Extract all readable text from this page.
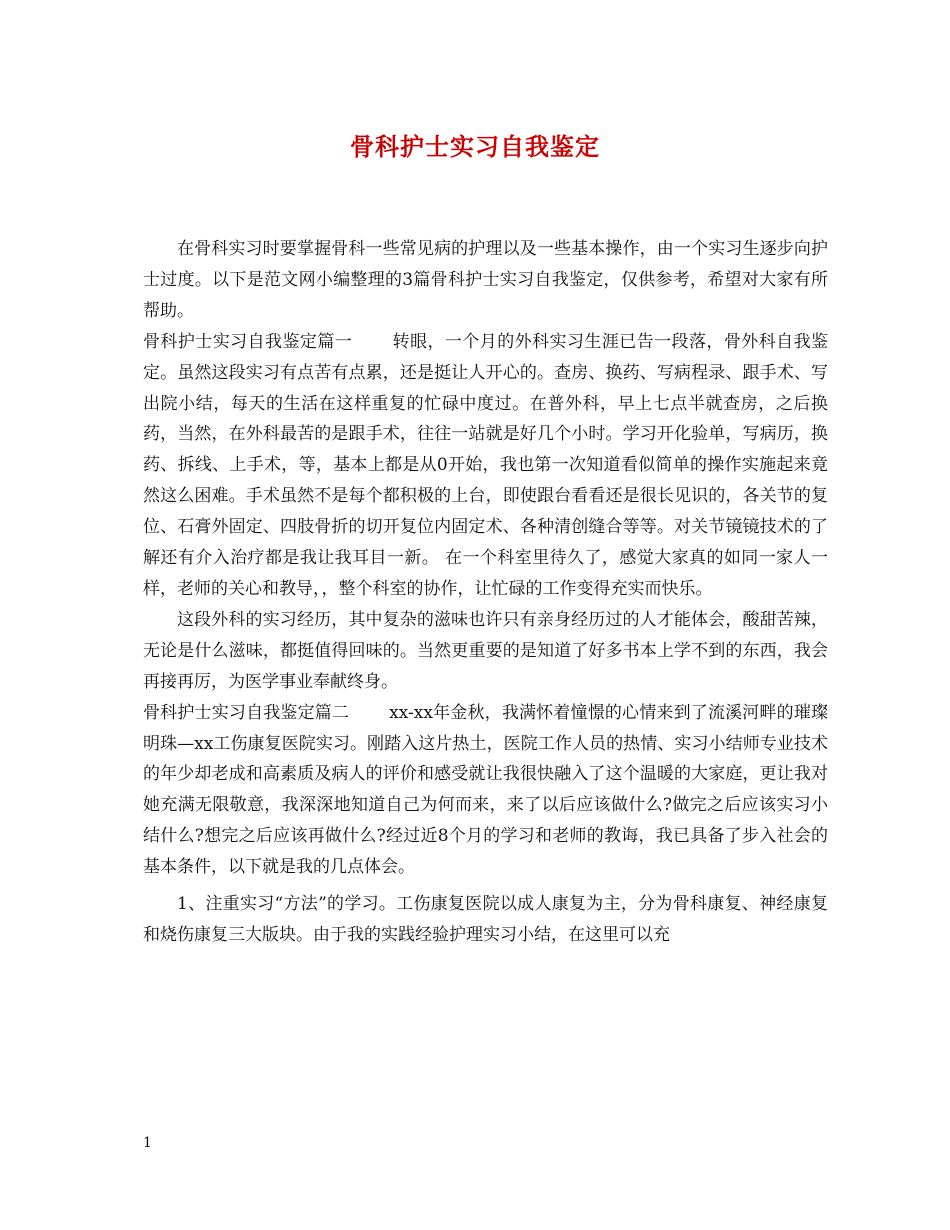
骨科护士实习自我鉴定

在骨科实习时要掌握骨科一些常见病的护理以及一些基本操作，由一个实习生逐步向护士过度。以下是范文网小编整理的3篇骨科护士实习自我鉴定，仅供参考，希望对大家有所帮助。

骨科护士实习自我鉴定篇一 转眼，一个月的外科实习生涯已告一段落，骨外科自我鉴定。虽然这段实习有点苦有点累，还是挺让人开心的。查房、换药、写病程录、跟手术、写出院小结，每天的生活在这样重复的忙碌中度过。在普外科，早上七点半就查房，之后换药，当然，在外科最苦的是跟手术，往往一站就是好几个小时。学习开化验单，写病历，换药、拆线、上手术，等，基本上都是从0开始，我也第一次知道看似简单的操作实施起来竟然这么困难。手术虽然不是每个都积极的上台，即使跟台看看还是很长见识的，各关节的复位、石膏外固定、四肢骨折的切开复位内固定术、各种清创缝合等等。对关节镜镜技术的了解还有介入治疗都是我让我耳目一新。 在一个科室里待久了，感觉大家真的如同一家人一样，老师的关心和教导，，整个科室的协作，让忙碌的工作变得充实而快乐。

这段外科的实习经历，其中复杂的滋味也许只有亲身经历过的人才能体会，酸甜苦辣，无论是什么滋味，都挺值得回味的。当然更重要的是知道了好多书本上学不到的东西，我会再接再厉，为医学事业奉献终身。

骨科护士实习自我鉴定篇二 xx-xx年金秋，我满怀着憧憬的心情来到了流溪河畔的璀璨明珠—xx工伤康复医院实习。刚踏入这片热土，医院工作人员的热情、实习小结师专业技术的年少却老成和高素质及病人的评价和感受就让我很快融入了这个温暖的大家庭，更让我对她充满无限敬意，我深深地知道自己为何而来，来了以后应该做什么?做完之后应该实习小结什么?想完之后应该再做什么?经过近8个月的学习和老师的教诲，我已具备了步入社会的基本条件，以下就是我的几点体会。

1、注重实习“方法”的学习。工伤康复医院以成人康复为主，分为骨科康复、神经康复和烧伤康复三大版块。由于我的实践经验护理实习小结，在这里可以充

1
